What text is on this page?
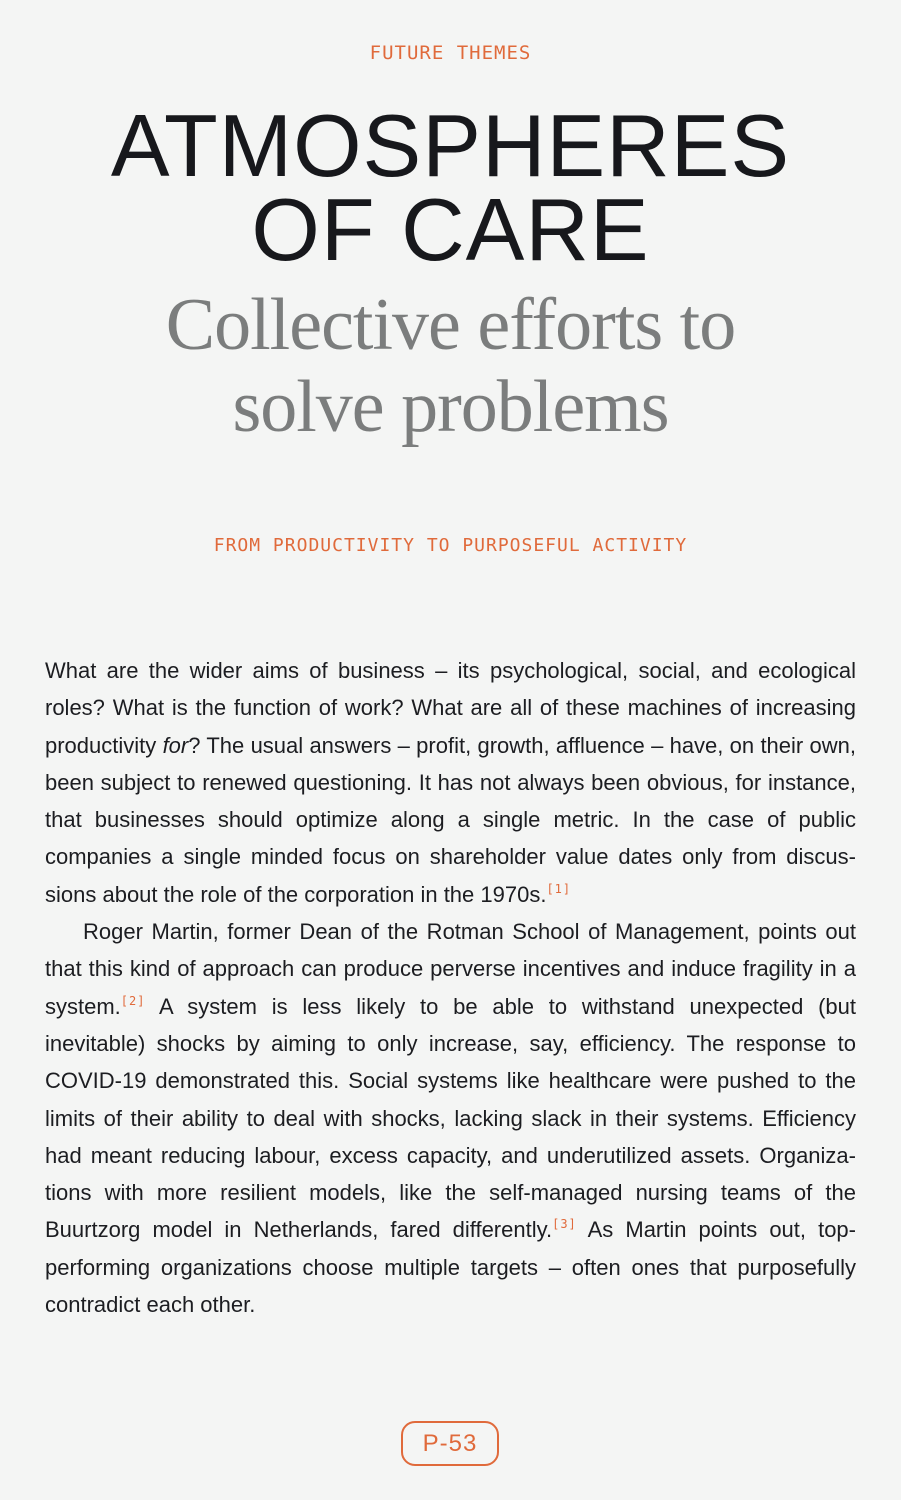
FUTURE THEMES
ATMOSPHERES
OF CARE
Collective efforts to
solve problems
FROM PRODUCTIVITY TO PURPOSEFUL ACTIVITY

What are the wider aims of business – its psychological, social, and ecological roles? What is the function of work? What are all of these machines of increasing productivity for? The usual answers – profit, growth, affluence – have, on their own, been subject to renewed questioning. It has not always been obvious, for instance, that businesses should optimize along a single metric. In the case of public companies a single minded focus on shareholder value dates only from discussions about the role of the corporation in the 1970s.[1]

Roger Martin, former Dean of the Rotman School of Management, points out that this kind of approach can produce perverse incentives and induce fragility in a system.[2] A system is less likely to be able to withstand unexpected (but inevitable) shocks by aiming to only increase, say, efficiency. The response to COVID-19 demonstrated this. Social systems like healthcare were pushed to the limits of their ability to deal with shocks, lacking slack in their systems. Efficiency had meant reducing labour, excess capacity, and underutilized assets. Organizations with more resilient models, like the self-managed nursing teams of the Buurtzorg model in Netherlands, fared differently.[3] As Martin points out, top-performing organizations choose multiple targets – often ones that purposefully contradict each other.

P-53
